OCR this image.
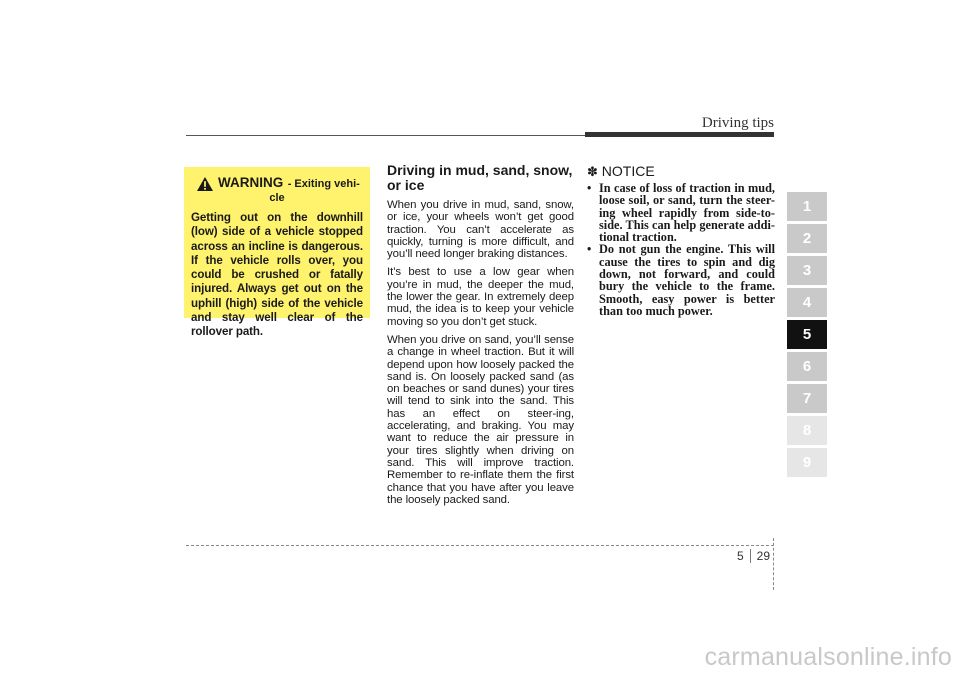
Driving tips
WARNING - Exiting vehi-
cle
Getting out on the downhill (low) side of a vehicle stopped across an incline is dangerous. If the vehicle rolls over, you could be crushed or fatally injured. Always get out on the uphill (high) side of the vehicle and stay well clear of the rollover path.
Driving in mud, sand, snow, or ice

When you drive in mud, sand, snow, or ice, your wheels won’t get good traction. You can’t accelerate as quickly, turning is more difficult, and you’ll need longer braking distances.

It’s best to use a low gear when you’re in mud, the deeper the mud, the lower the gear. In extremely deep mud, the idea is to keep your vehicle moving so you don’t get stuck.

When you drive on sand, you’ll sense a change in wheel traction. But it will depend upon how loosely packed the sand is. On loosely packed sand (as on beaches or sand dunes) your tires will tend to sink into the sand. This has an effect on steer-ing, accelerating, and braking. You may want to reduce the air pressure in your tires slightly when driving on sand. This will improve traction. Remember to re-inflate them the first chance that you have after you leave the loosely packed sand.

✽ NOTICE
• In case of loss of traction in mud, loose soil, or sand, turn the steer-ing wheel rapidly from side-to-side. This can help generate addi-tional traction.
• Do not gun the engine. This will cause the tires to spin and dig down, not forward, and could bury the vehicle to the frame. Smooth, easy power is better than too much power.
1
2
3
4
5
6
7
8
9
5 29
carmanualsonline.info
